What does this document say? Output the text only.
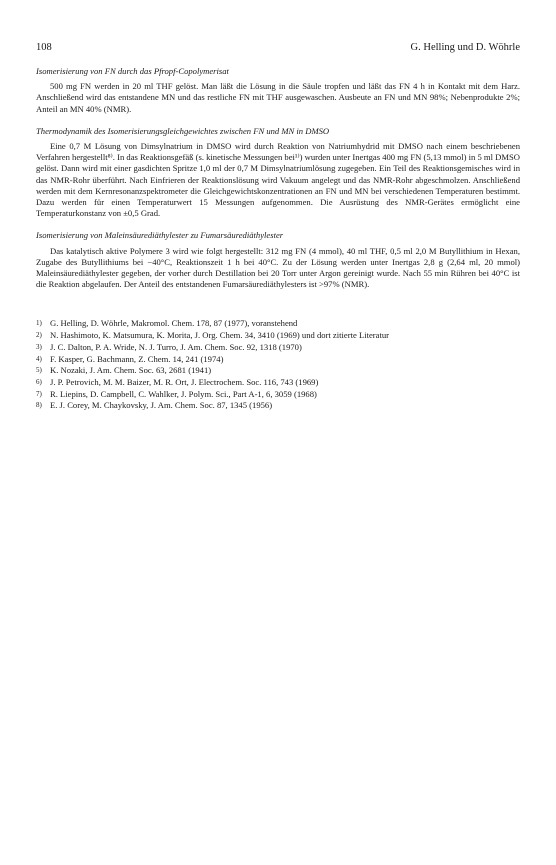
108	G. Helling und D. Wöhrle

Isomerisierung von FN durch das Pfropf-Copolymerisat

500 mg FN werden in 20 ml THF gelöst. Man läßt die Lösung in die Säule tropfen und läßt das FN 4 h in Kontakt mit dem Harz. Anschließend wird das entstandene MN und das restliche FN mit THF ausgewaschen. Ausbeute an FN und MN 98%; Nebenprodukte 2%; Anteil an MN 40% (NMR).

Thermodynamik des Isomerisierungsgleichgewichtes zwischen FN und MN in DMSO

Eine 0,7 M Lösung von Dimsylnatrium in DMSO wird durch Reaktion von Natriumhydrid mit DMSO nach einem beschriebenen Verfahren hergestellt⁸⁾. In das Reaktionsgefäß (s. kinetische Messungen bei¹⁾) wurden unter Inertgas 400 mg FN (5,13 mmol) in 5 ml DMSO gelöst. Dann wird mit einer gasdichten Spritze 1,0 ml der 0,7 M Dimsylnatriumlösung zugegeben. Ein Teil des Reaktionsgemisches wird in das NMR-Rohr überführt. Nach Einfrieren der Reaktionslösung wird Vakuum angelegt und das NMR-Rohr abgeschmolzen. Anschließend werden mit dem Kernresonanzspektrometer die Gleichgewichtskonzentrationen an FN und MN bei verschiedenen Temperaturen bestimmt. Dazu werden für einen Temperaturwert 15 Messungen aufgenommen. Die Ausrüstung des NMR-Gerätes ermöglicht eine Temperaturkonstanz von ±0,5 Grad.

Isomerisierung von Maleinsäurediäthylester zu Fumarsäurediäthylester

Das katalytisch aktive Polymere 3 wird wie folgt hergestellt: 312 mg FN (4 mmol), 40 ml THF, 0,5 ml 2,0 M Butyllithium in Hexan, Zugabe des Butyllithiums bei −40°C, Reaktionszeit 1 h bei 40°C. Zu der Lösung werden unter Inertgas 2,8 g (2,64 ml, 20 mmol) Maleinsäurediäthylester gegeben, der vorher durch Destillation bei 20 Torr unter Argon gereinigt wurde. Nach 55 min Rühren bei 40°C ist die Reaktion abgelaufen. Der Anteil des entstandenen Fumarsäurediäthylesters ist >97% (NMR).

1) G. Helling, D. Wöhrle, Makromol. Chem. 178, 87 (1977), voranstehend
2) N. Hashimoto, K. Matsumura, K. Morita, J. Org. Chem. 34, 3410 (1969) und dort zitierte Literatur
3) J. C. Dalton, P. A. Wride, N. J. Turro, J. Am. Chem. Soc. 92, 1318 (1970)
4) F. Kasper, G. Bachmann, Z. Chem. 14, 241 (1974)
5) K. Nozaki, J. Am. Chem. Soc. 63, 2681 (1941)
6) J. P. Petrovich, M. M. Baizer, M. R. Ort, J. Electrochem. Soc. 116, 743 (1969)
7) R. Liepins, D. Campbell, C. Wahlker, J. Polym. Sci., Part A-1, 6, 3059 (1968)
8) E. J. Corey, M. Chaykovsky, J. Am. Chem. Soc. 87, 1345 (1956)
